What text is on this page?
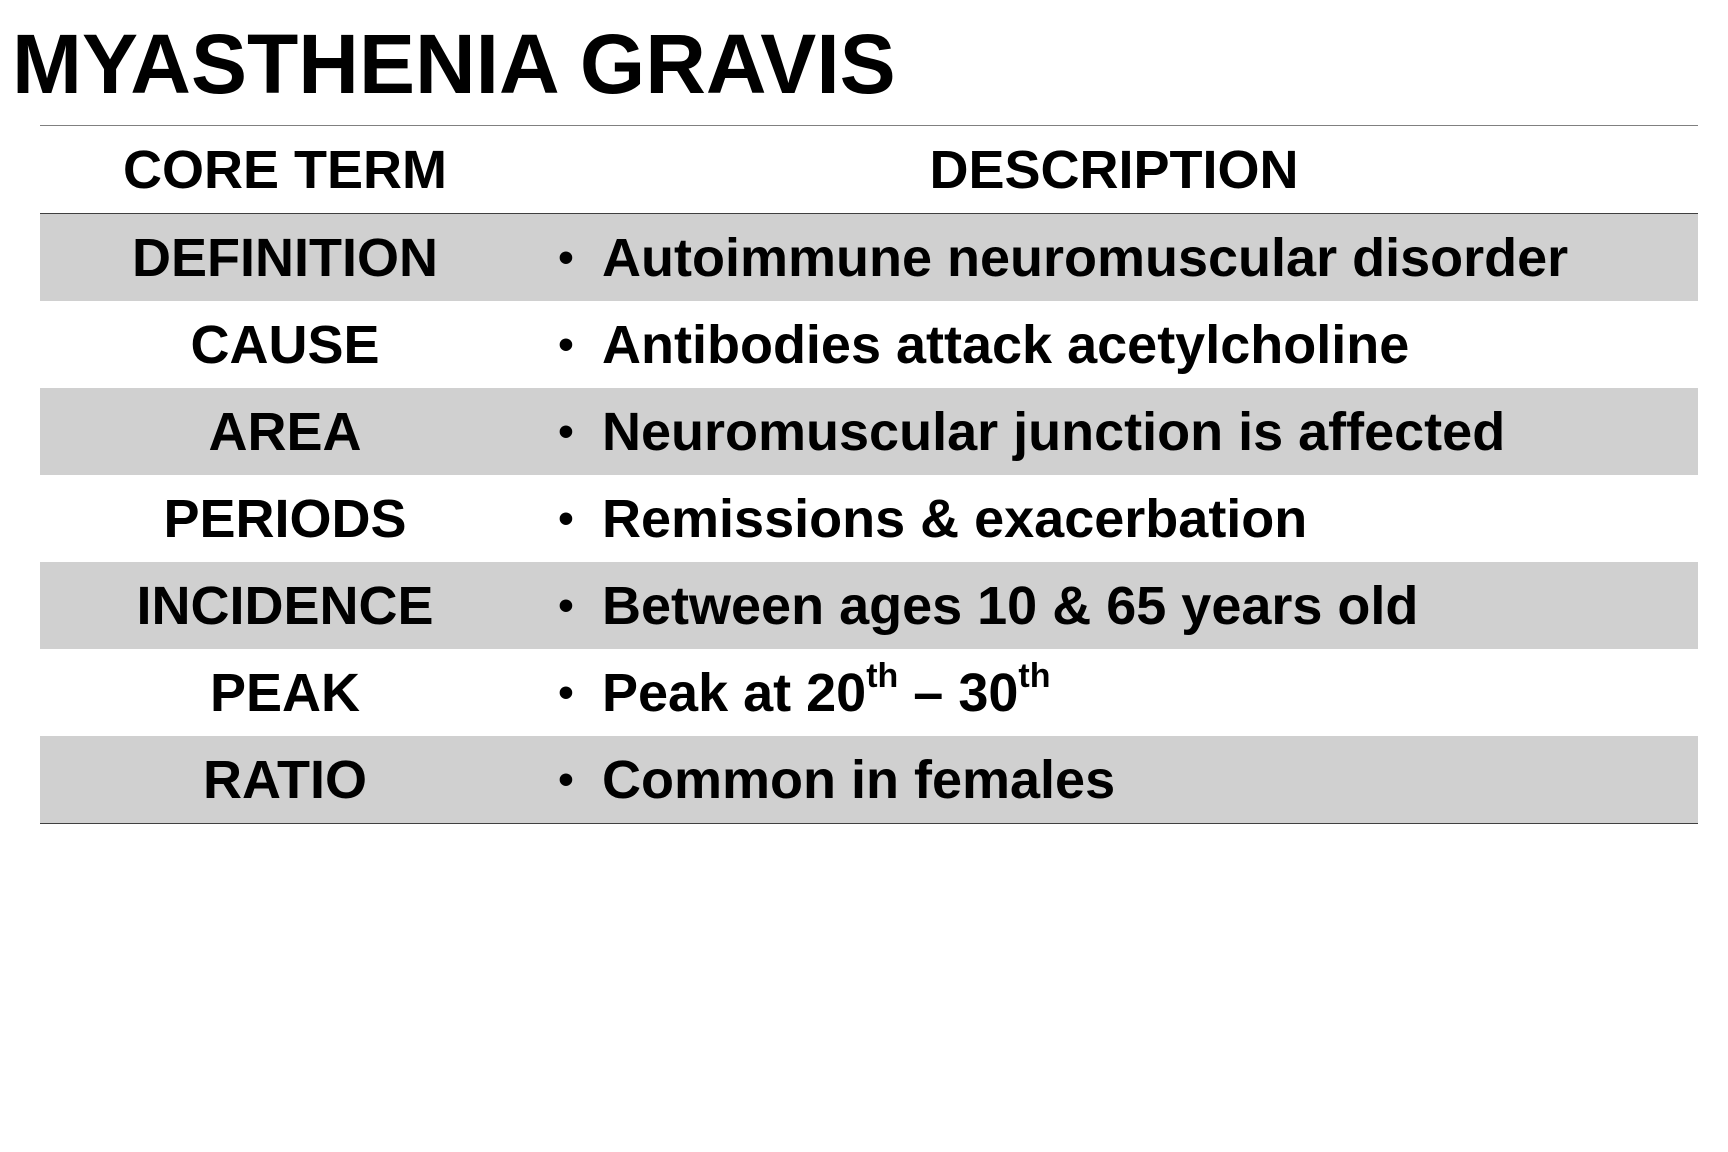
MYASTHENIA GRAVIS
CORE TERM	DESCRIPTION
DEFINITION	• Autoimmune neuromuscular disorder
CAUSE	• Antibodies attack acetylcholine
AREA	• Neuromuscular junction is affected
PERIODS	• Remissions & exacerbation
INCIDENCE	• Between ages 10 & 65 years old
PEAK	• Peak at 20th – 30th
RATIO	• Common in females
